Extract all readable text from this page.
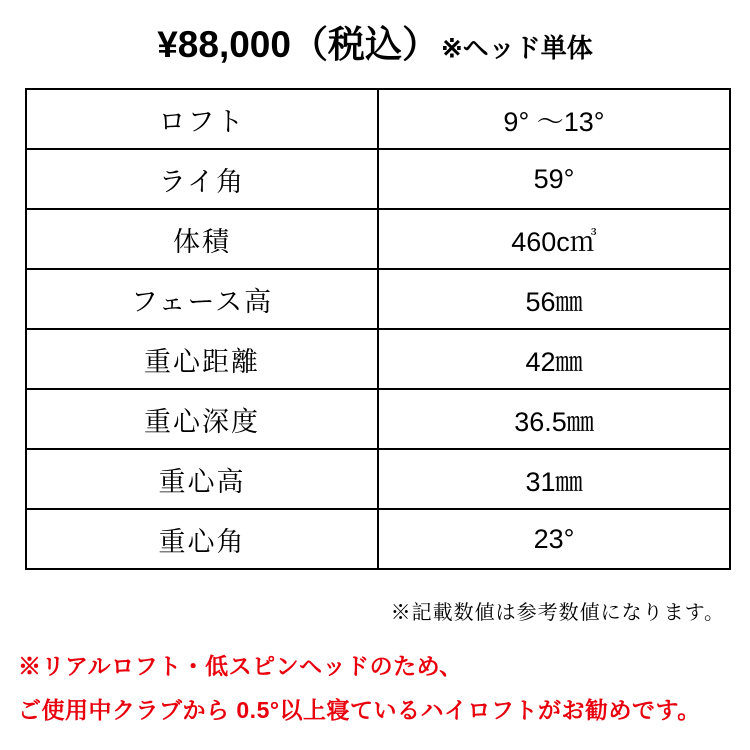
¥88,000（税込）※ヘッド単体
ロフト	9° ～13°
ライ角	59°
体積	460c㎥
フェース高	56㎜
重心距離	42㎜
重心深度	36.5㎜
重心高	31㎜
重心角	23°
※記載数値は参考数値になります。
※リアルロフト・低スピンヘッドのため、
ご使用中クラブから 0.5°以上寝ているハイロフトがお勧めです。
